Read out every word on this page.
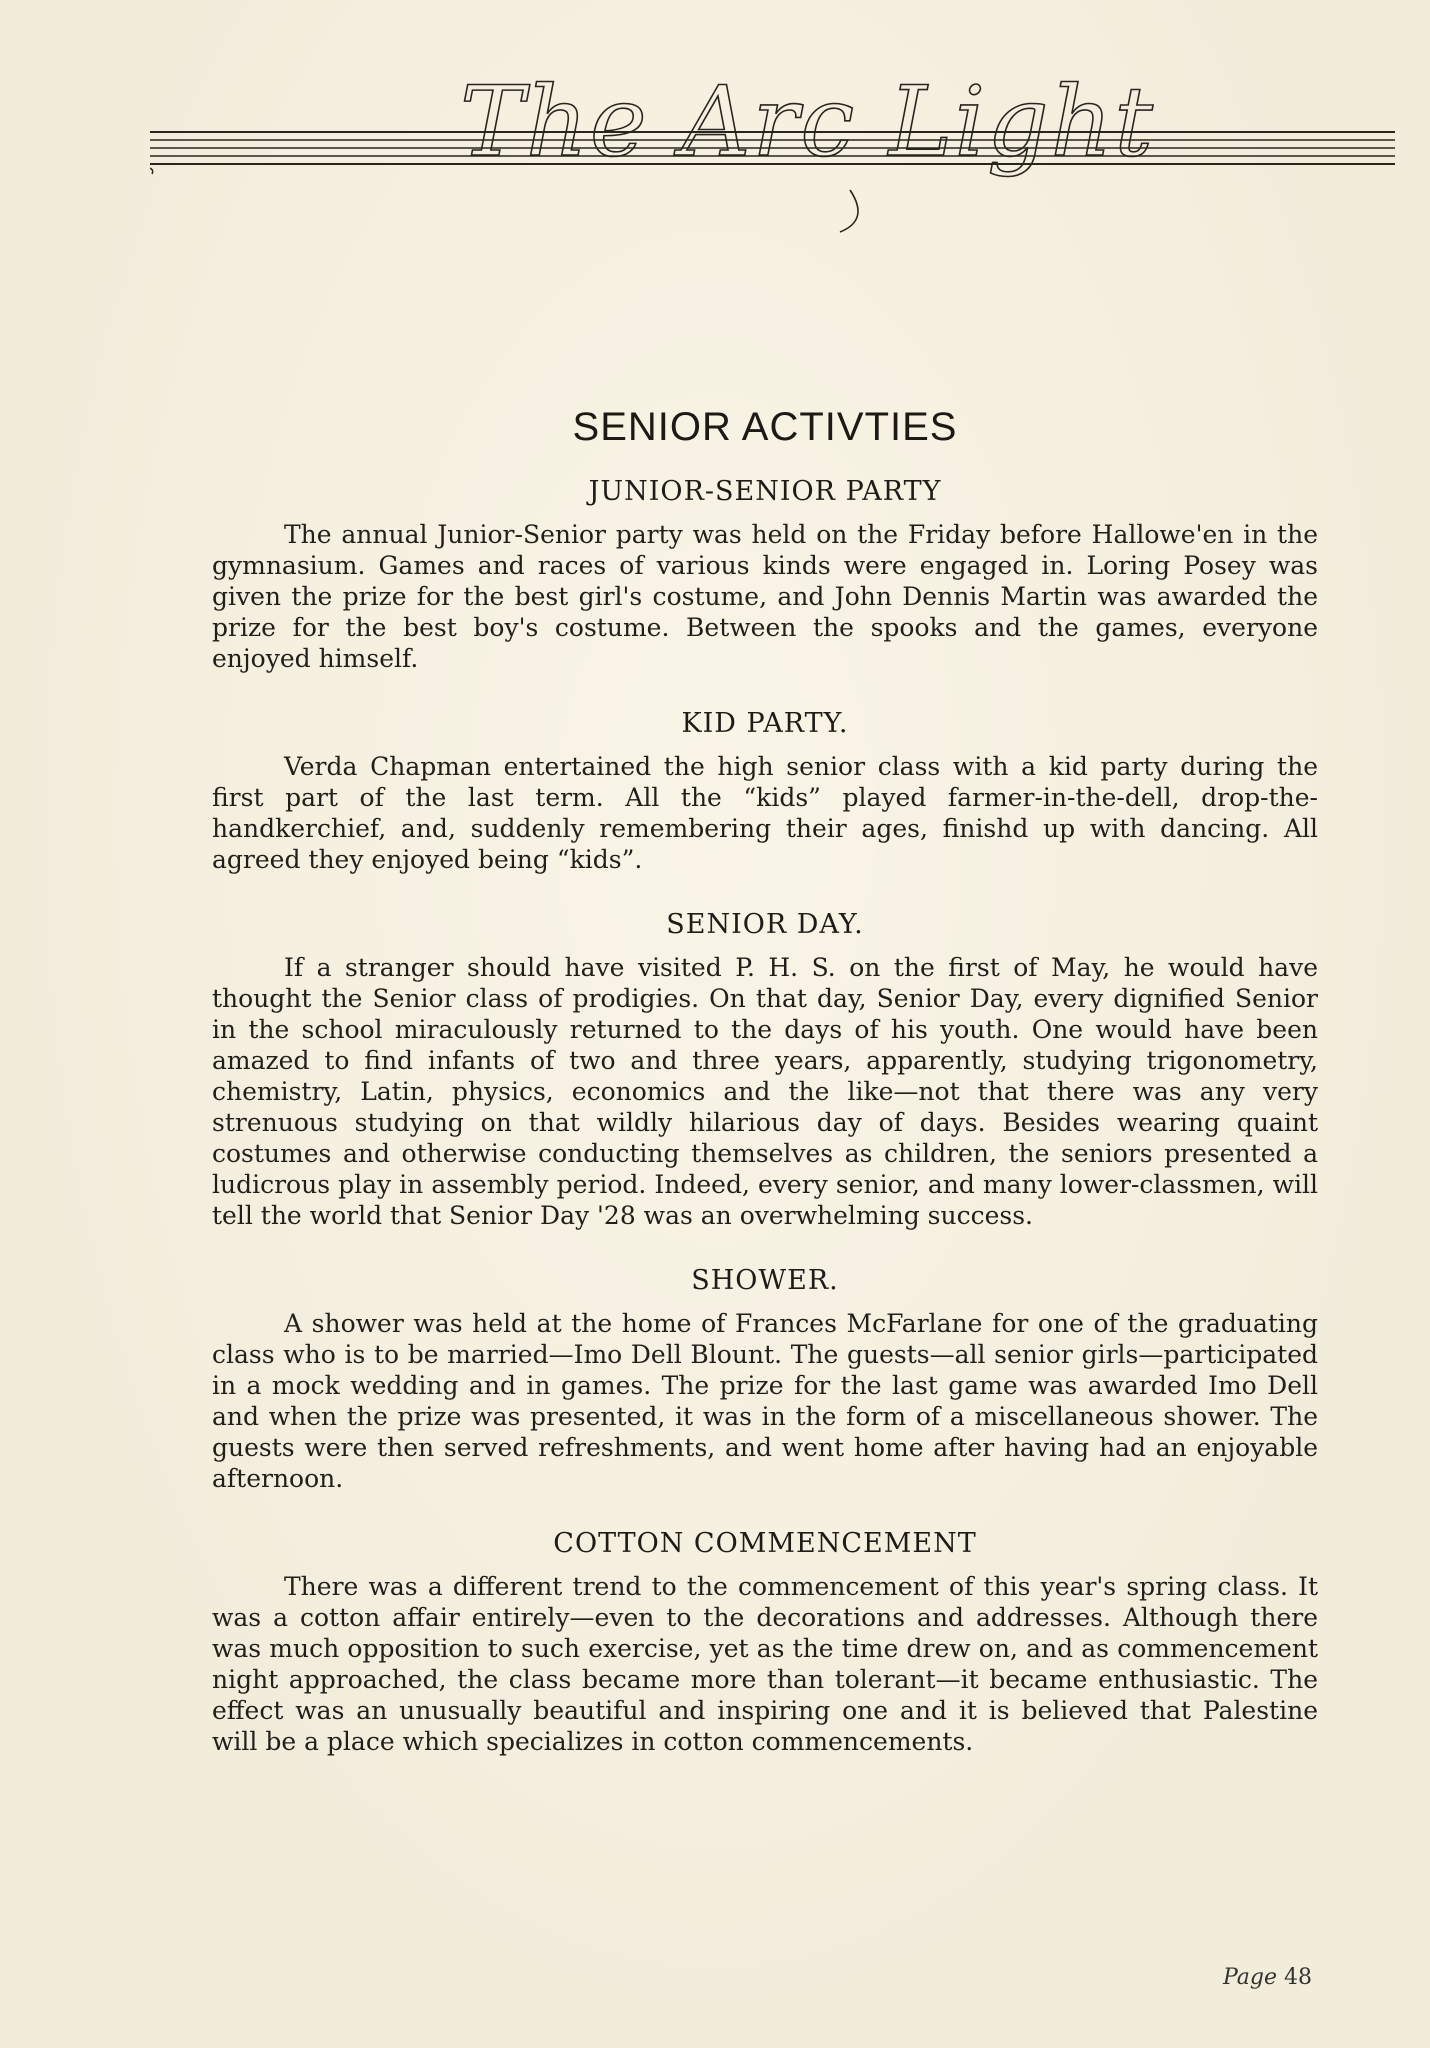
The Arc Light
SENIOR ACTIVTIES
JUNIOR-SENIOR PARTY

The annual Junior-Senior party was held on the Friday before Hallowe'en in the gymnasium. Games and races of various kinds were engaged in. Loring Posey was given the prize for the best girl's costume, and John Dennis Martin was awarded the prize for the best boy's costume. Between the spooks and the games, everyone enjoyed himself.

KID PARTY.

Verda Chapman entertained the high senior class with a kid party during the first part of the last term. All the “kids” played farmer-in-the-dell, drop-the-handkerchief, and, suddenly remembering their ages, finishd up with dancing. All agreed they enjoyed being “kids”.

SENIOR DAY.

If a stranger should have visited P. H. S. on the first of May, he would have thought the Senior class of prodigies. On that day, Senior Day, every dignified Senior in the school miraculously returned to the days of his youth. One would have been amazed to find infants of two and three years, apparently, studying trigonometry, chemistry, Latin, physics, economics and the like—not that there was any very strenuous studying on that wildly hilarious day of days. Besides wearing quaint costumes and otherwise conducting themselves as children, the seniors presented a ludicrous play in assembly period. Indeed, every senior, and many lower-classmen, will tell the world that Senior Day '28 was an overwhelming success.

SHOWER.

A shower was held at the home of Frances McFarlane for one of the graduating class who is to be married—Imo Dell Blount. The guests—all senior girls—participated in a mock wedding and in games. The prize for the last game was awarded Imo Dell and when the prize was presented, it was in the form of a miscellaneous shower. The guests were then served refreshments, and went home after having had an enjoyable afternoon.

COTTON COMMENCEMENT

There was a different trend to the commencement of this year's spring class. It was a cotton affair entirely—even to the decorations and addresses. Although there was much opposition to such exercise, yet as the time drew on, and as commencement night approached, the class became more than tolerant—it became enthusiastic. The effect was an unusually beautiful and inspiring one and it is believed that Palestine will be a place which specializes in cotton commencements.

Page 48
